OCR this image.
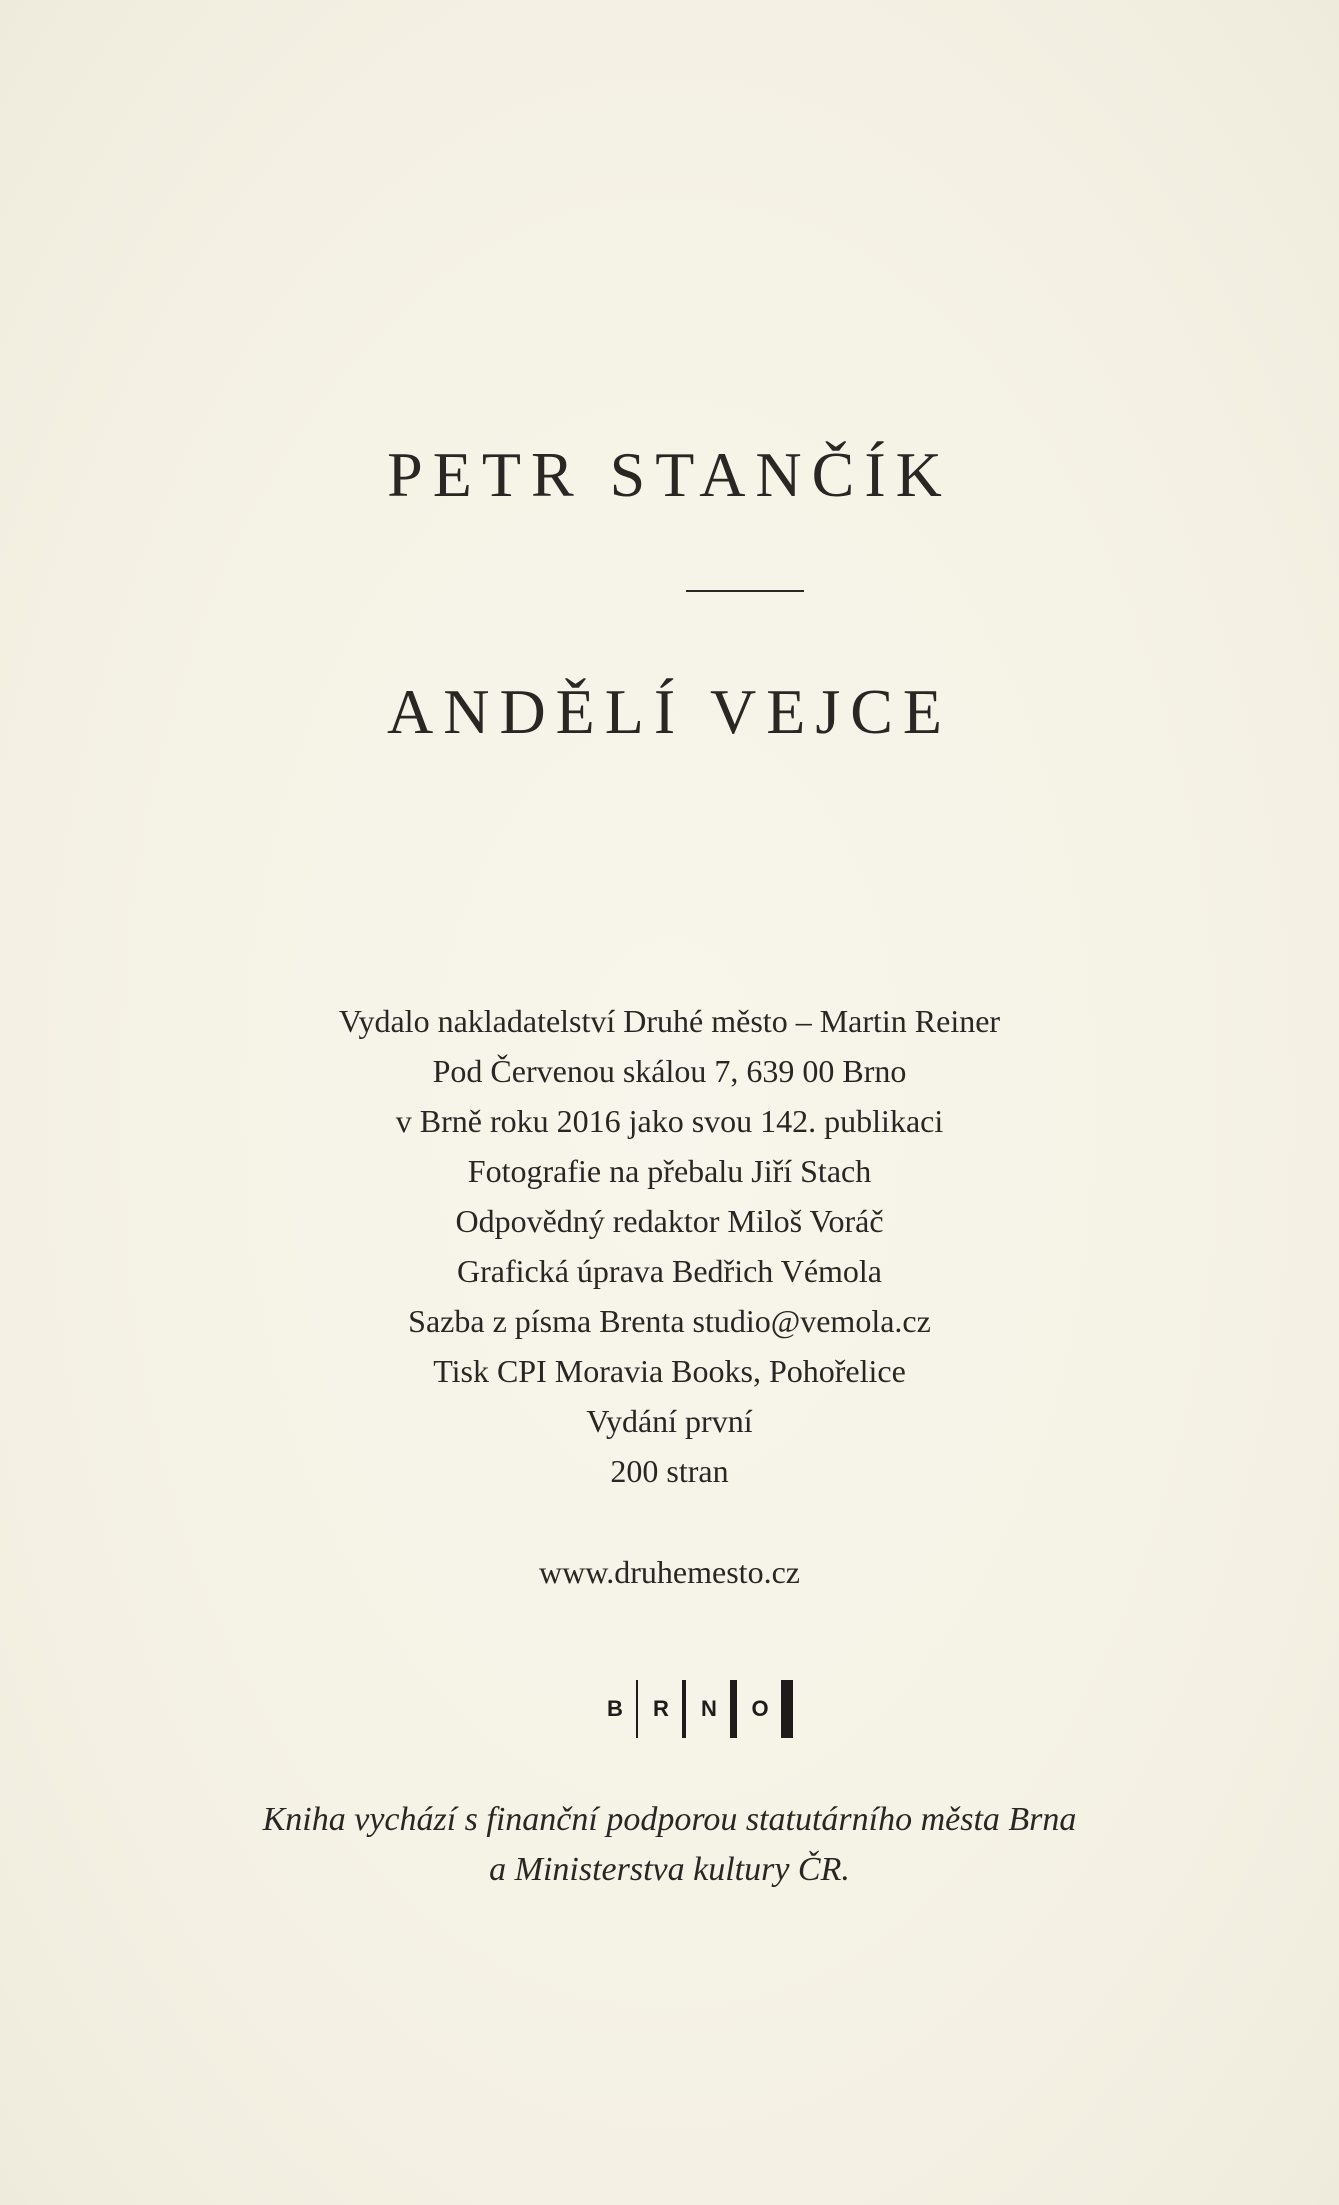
PETR STANČÍK
ANDĚLÍ VEJCE
Vydalo nakladatelství Druhé město – Martin Reiner
Pod Červenou skálou 7, 639 00 Brno
v Brně roku 2016 jako svou 142. publikaci
Fotografie na přebalu Jiří Stach
Odpovědný redaktor Miloš Voráč
Grafická úprava Bedřich Vémola
Sazba z písma Brenta studio@vemola.cz
Tisk CPI Moravia Books, Pohořelice
Vydání první
200 stran
www.druhemesto.cz
B R N O

Kniha vychází s finanční podporou statutárního města Brna

a Ministerstva kultury ČR.
